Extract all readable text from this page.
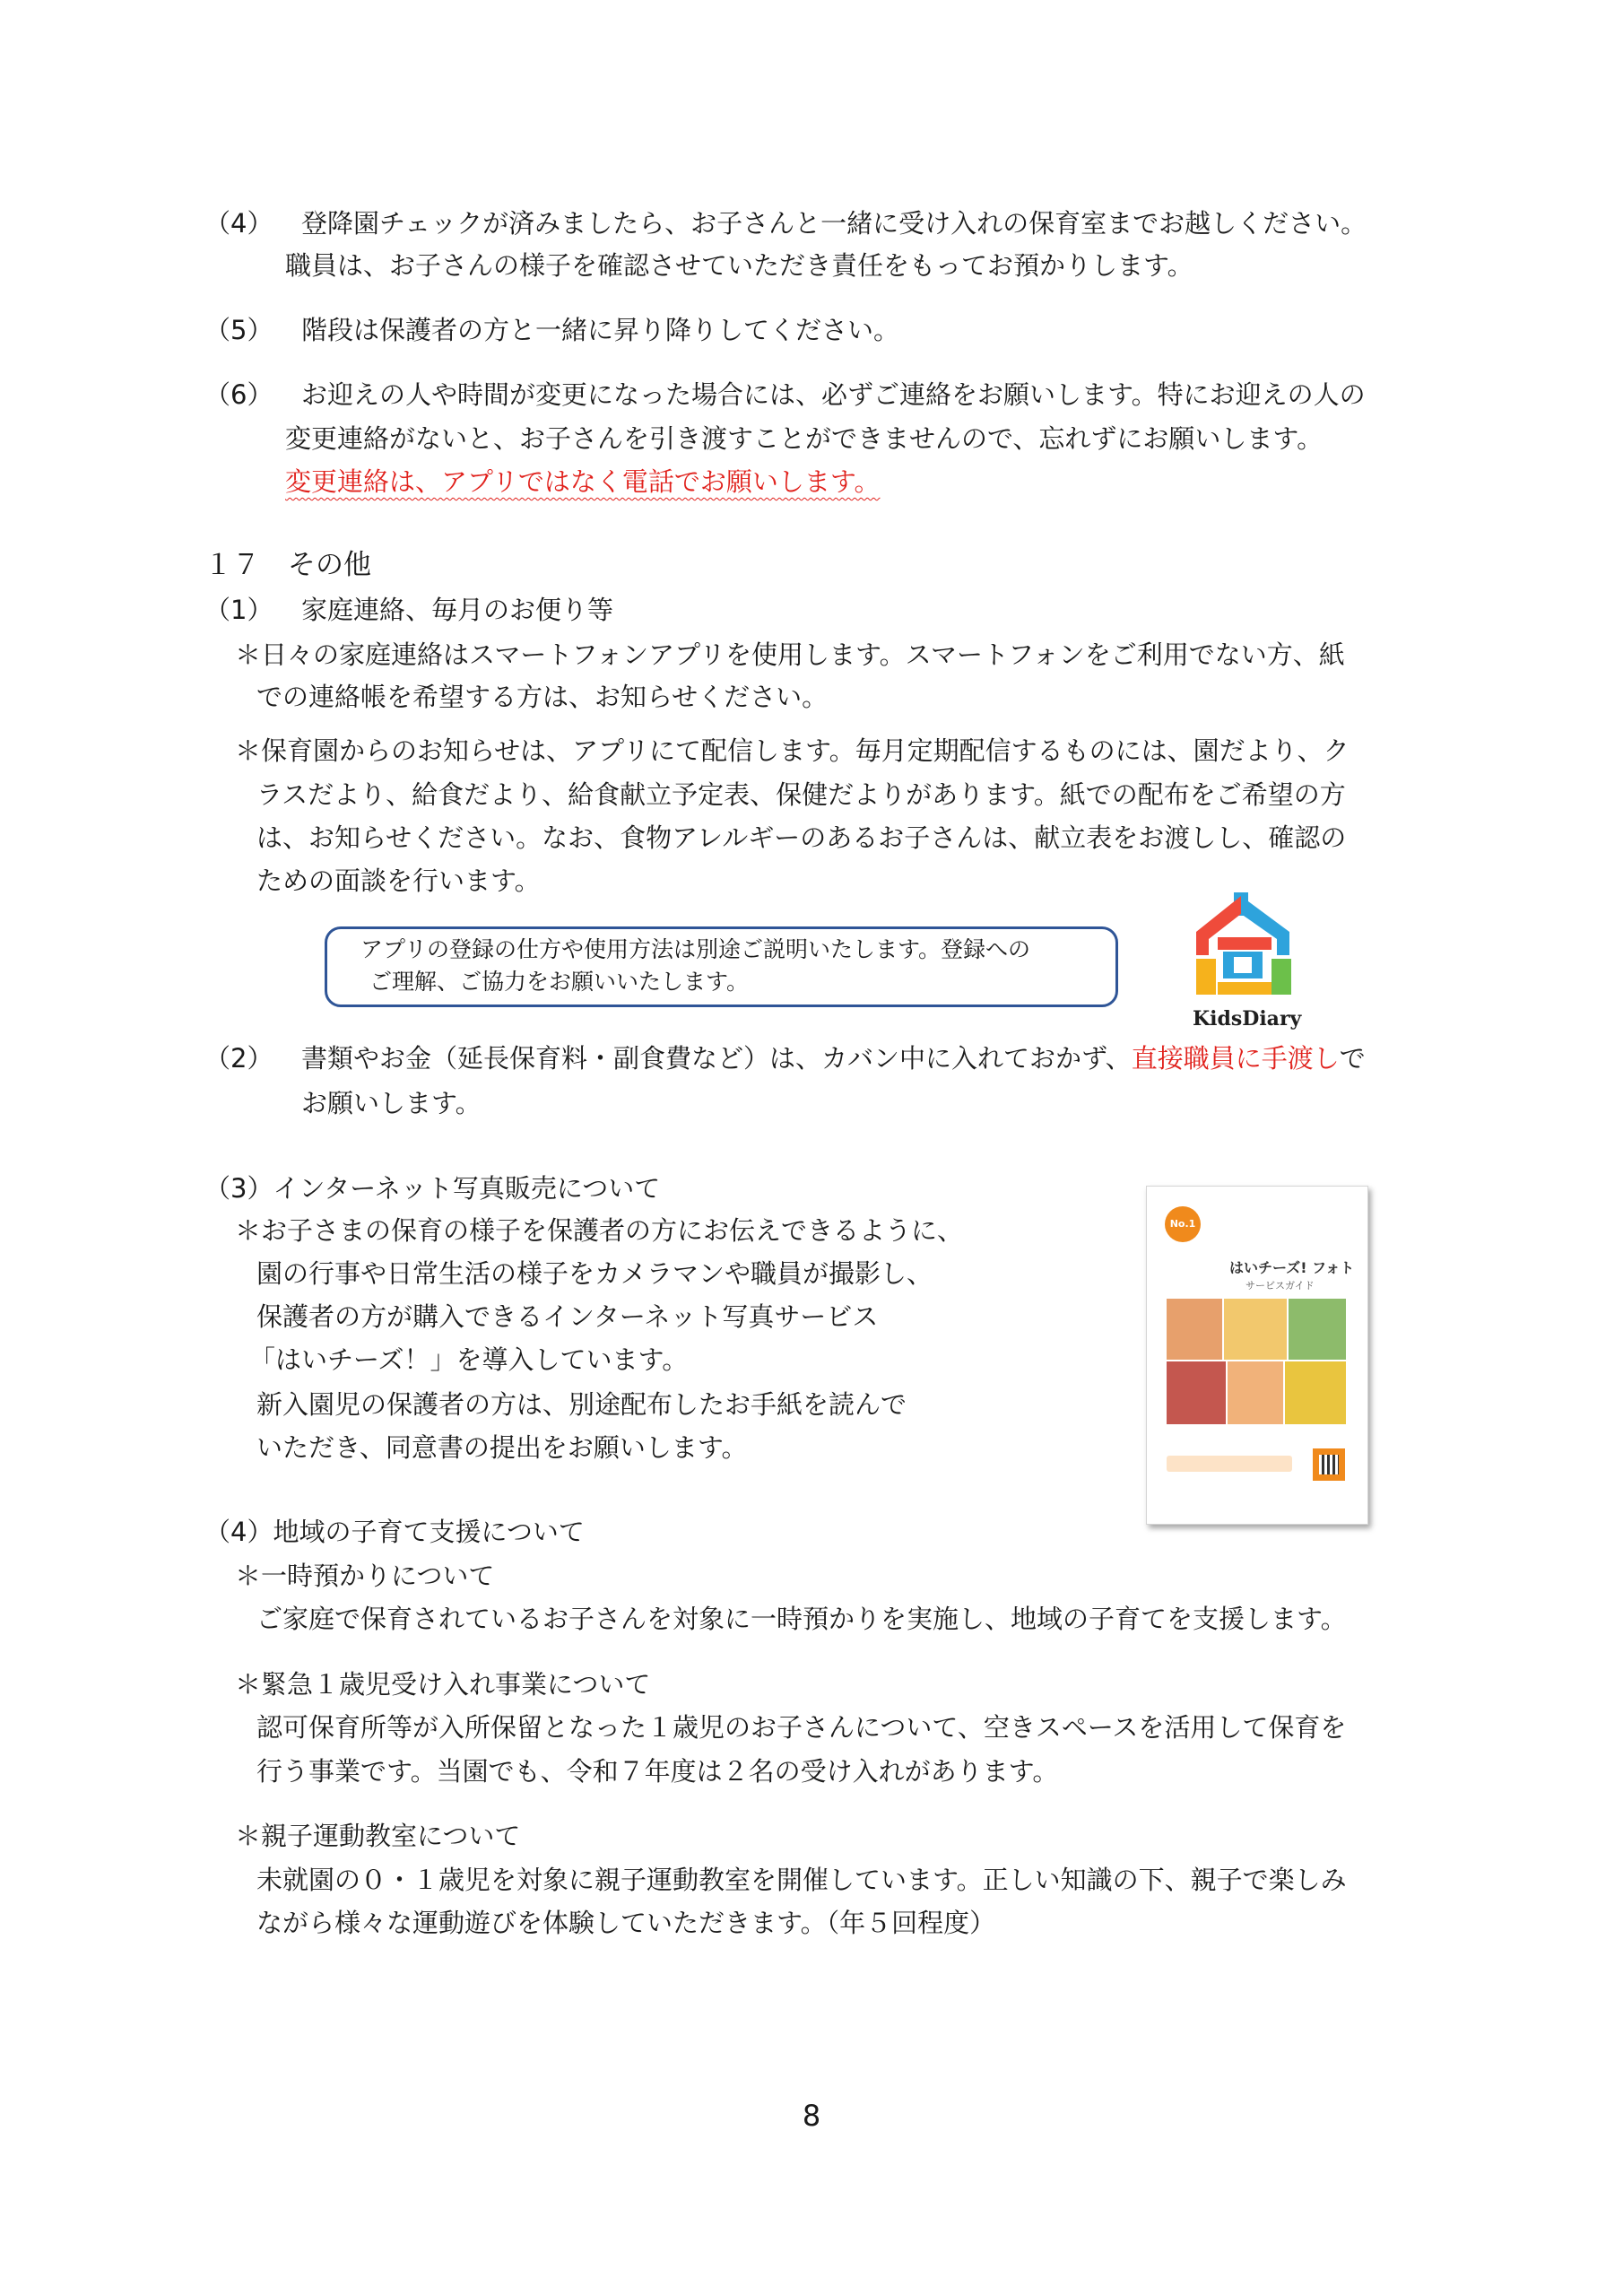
（4） 登降園チェックが済みましたら、お子さんと一緒に受け入れの保育室までお越しください。
職員は、お子さんの様子を確認させていただき責任をもってお預かりします。
（5） 階段は保護者の方と一緒に昇り降りしてください。
（6） お迎えの人や時間が変更になった場合には、必ずご連絡をお願いします。特にお迎えの人の
変更連絡がないと、お子さんを引き渡すことができませんので、忘れずにお願いします。
変更連絡は、アプリではなく電話でお願いします。
１７　その他
（1） 家庭連絡、毎月のお便り等
＊日々の家庭連絡はスマートフォンアプリを使用します。スマートフォンをご利用でない方、紙
での連絡帳を希望する方は、お知らせください。
＊保育園からのお知らせは、アプリにて配信します。毎月定期配信するものには、園だより、ク
ラスだより、給食だより、給食献立予定表、保健だよりがあります。紙での配布をご希望の方
は、お知らせください。なお、食物アレルギーのあるお子さんは、献立表をお渡しし、確認の
ための面談を行います。
アプリの登録の仕方や使用方法は別途ご説明いたします。登録への
ご理解、ご協力をお願いいたします。
KidsDiary
（2） 書類やお金（延長保育料・副食費など）は、カバン中に入れておかず、直接職員に手渡しで
お願いします。
（3）インターネット写真販売について
＊お子さまの保育の様子を保護者の方にお伝えできるように、
園の行事や日常生活の様子をカメラマンや職員が撮影し、
保護者の方が購入できるインターネット写真サービス
「はいチーズ！」を導入しています。
新入園児の保護者の方は、別途配布したお手紙を読んで
いただき、同意書の提出をお願いします。
No.1
はいチーズ! フォト
サービスガイド
（4）地域の子育て支援について
＊一時預かりについて
ご家庭で保育されているお子さんを対象に一時預かりを実施し、地域の子育てを支援します。
＊緊急１歳児受け入れ事業について
認可保育所等が入所保留となった１歳児のお子さんについて、空きスペースを活用して保育を
行う事業です。当園でも、令和７年度は２名の受け入れがあります。
＊親子運動教室について
未就園の０・１歳児を対象に親子運動教室を開催しています。正しい知識の下、親子で楽しみ
ながら様々な運動遊びを体験していただきます。（年５回程度）
8
